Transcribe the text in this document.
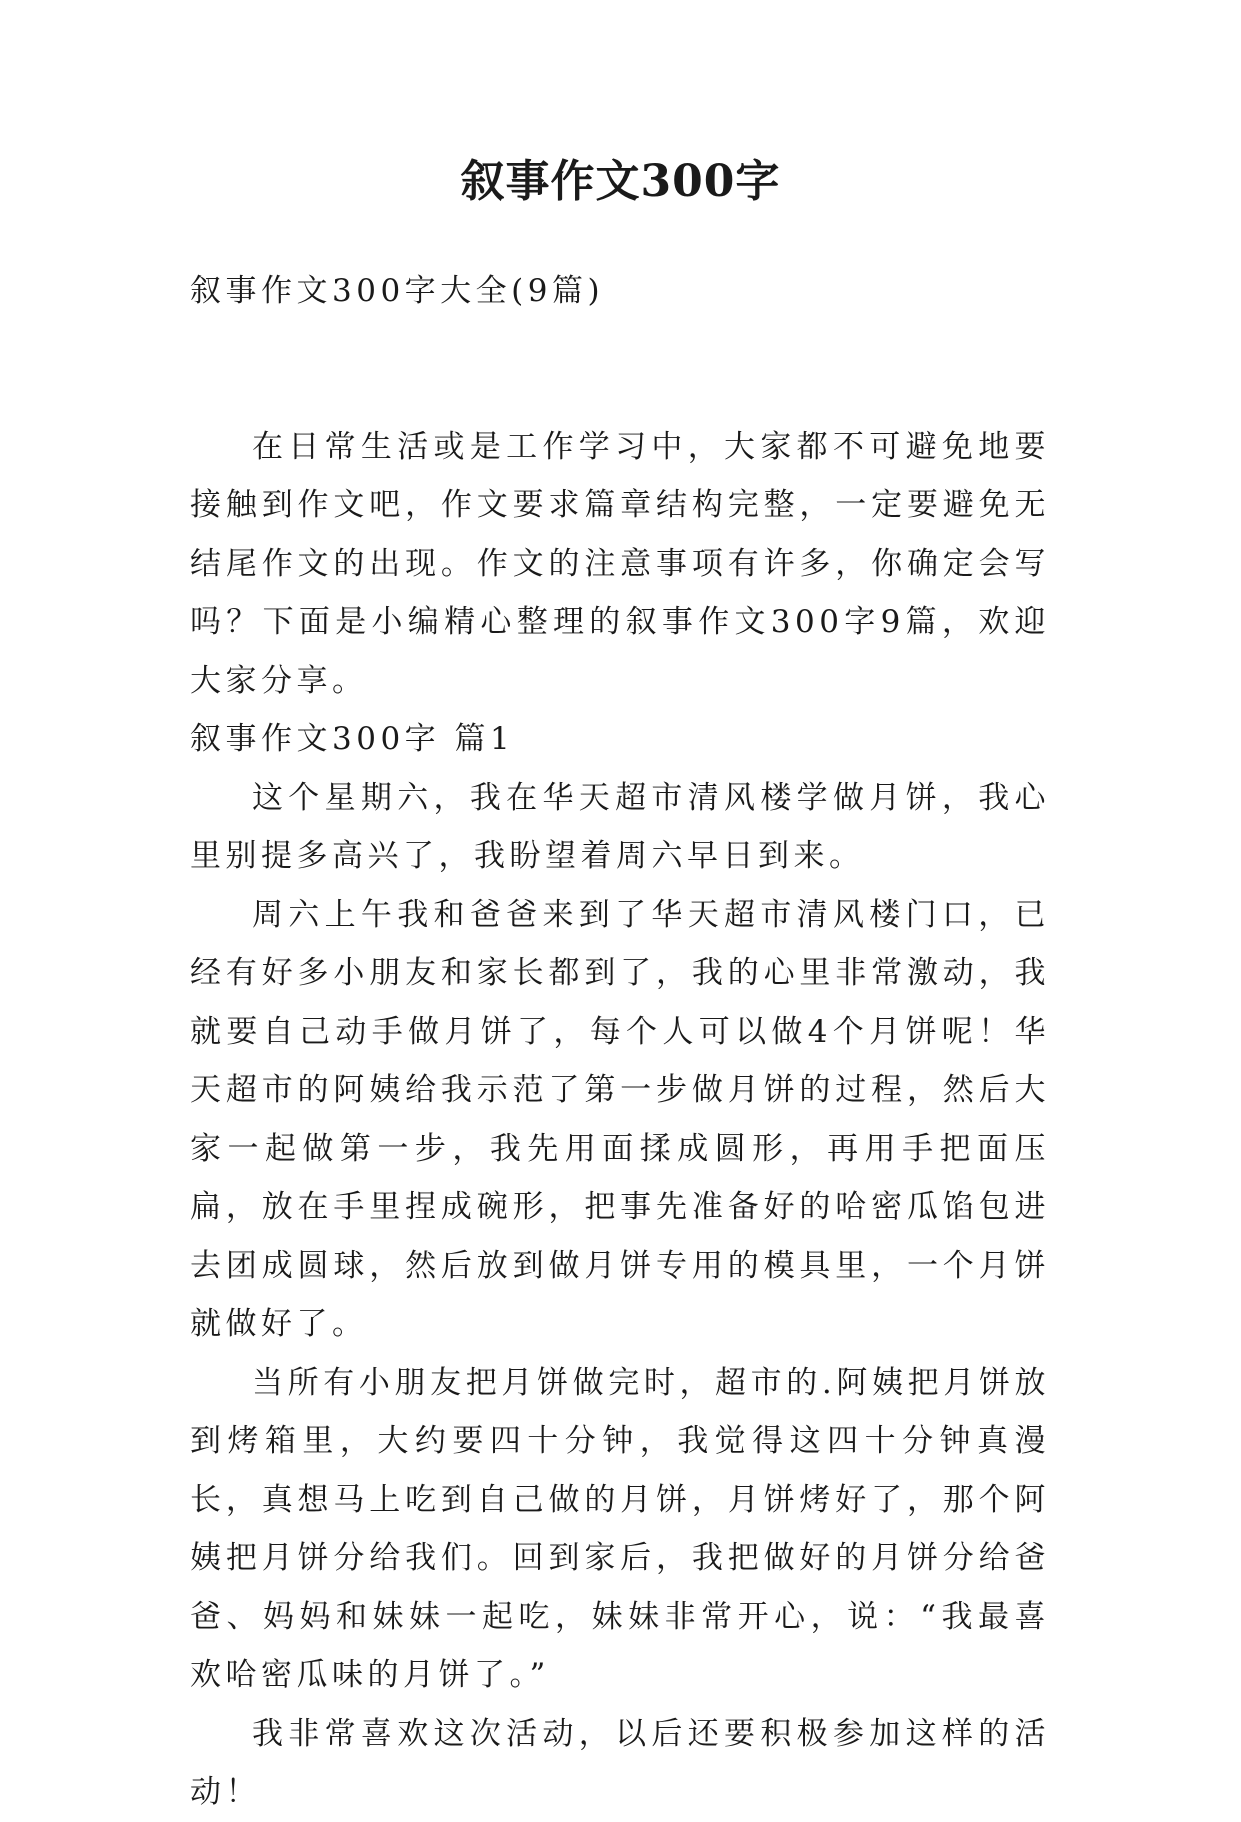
叙事作文300字

叙事作文300字大全(9篇)

在日常生活或是工作学习中，大家都不可避免地要接触到作文吧，作文要求篇章结构完整，一定要避免无结尾作文的出现。作文的注意事项有许多，你确定会写吗？下面是小编精心整理的叙事作文300字9篇，欢迎大家分享。

叙事作文300字 篇1

这个星期六，我在华天超市清风楼学做月饼，我心里别提多高兴了，我盼望着周六早日到来。

周六上午我和爸爸来到了华天超市清风楼门口，已经有好多小朋友和家长都到了，我的心里非常激动，我就要自己动手做月饼了，每个人可以做4个月饼呢！华天超市的阿姨给我示范了第一步做月饼的过程，然后大家一起做第一步，我先用面揉成圆形，再用手把面压扁，放在手里捏成碗形，把事先准备好的哈密瓜馅包进去团成圆球，然后放到做月饼专用的模具里，一个月饼就做好了。

当所有小朋友把月饼做完时，超市的.阿姨把月饼放到烤箱里，大约要四十分钟，我觉得这四十分钟真漫长，真想马上吃到自己做的月饼，月饼烤好了，那个阿姨把月饼分给我们。回到家后，我把做好的月饼分给爸爸、妈妈和妹妹一起吃，妹妹非常开心，说：“我最喜欢哈密瓜味的月饼了。”

我非常喜欢这次活动，以后还要积极参加这样的活动！
